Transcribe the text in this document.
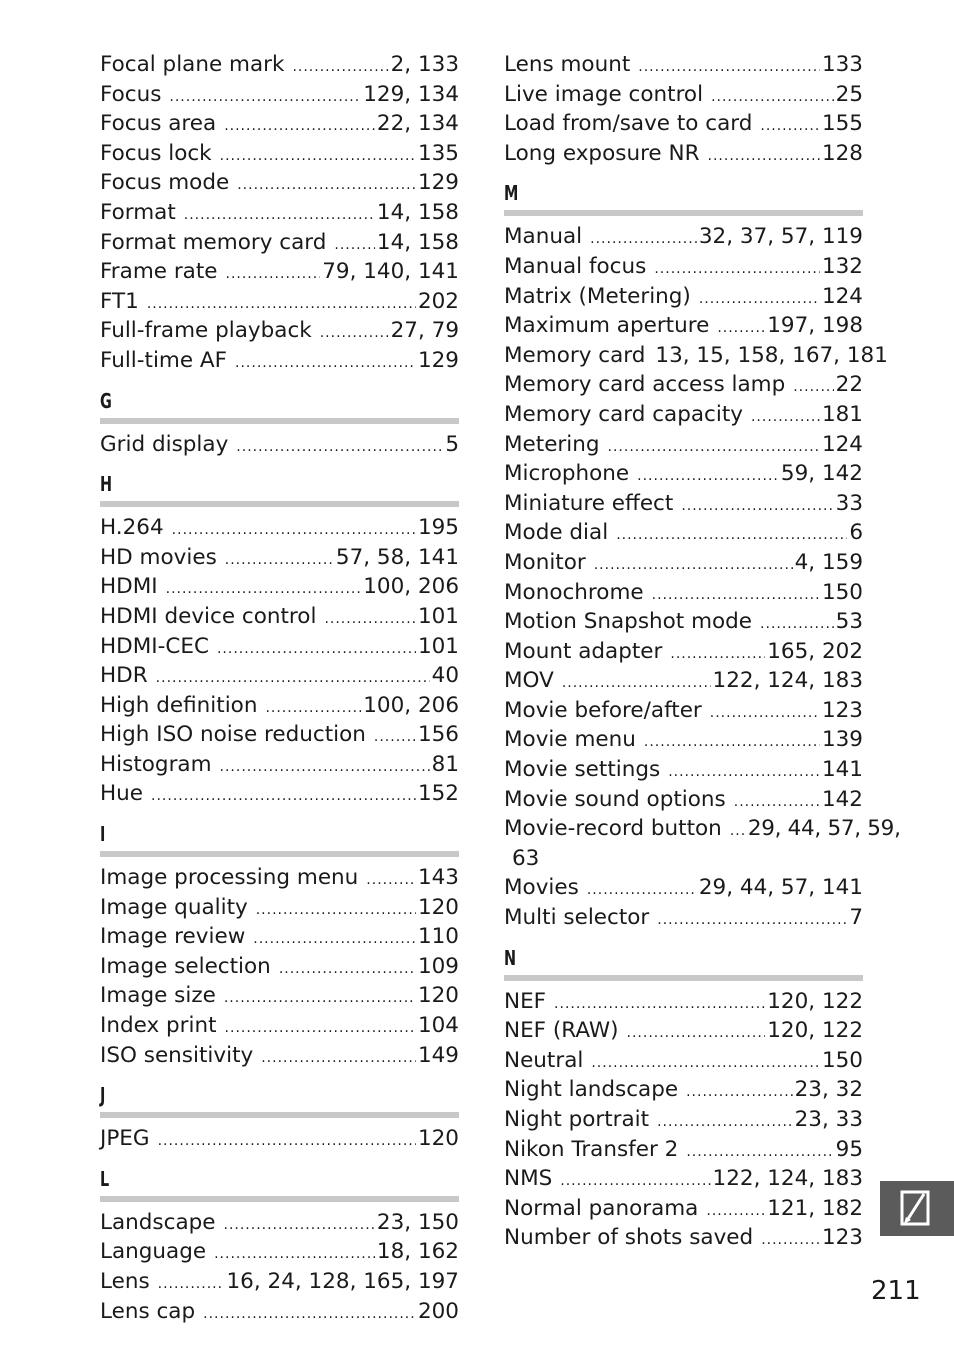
Focal plane mark .....	2, 133
Focus .....	129, 134
Focus area .....	22, 134
Focus lock .....	135
Focus mode .....	129
Format .....	14, 158
Format memory card ..... 14, 158
Frame rate .....	79, 140, 141
FT1 .....	202
Full-frame playback .....	27, 79
Full-time AF .....	129
G
Grid display .....	5
H
H.264 .....	195
HD movies .....	57, 58, 141
HDMI .....	100, 206
HDMI device control .....	101
HDMI-CEC .....	101
HDR .....	40
High definition .....	100, 206
High ISO noise reduction ..... 156
Histogram .....	81
Hue .....	152
I
Image processing menu .....	143
Image quality .....	120
Image review .....	110
Image selection .....	109
Image size .....	120
Index print .....	104
ISO sensitivity .....	149
J
JPEG .....	120
L
Landscape .....	23, 150
Language .....	18, 162
Lens .....	16, 24, 128, 165, 197
Lens cap .....	200
Lens mount .....	133
Live image control .....	25
Load from/save to card .....	155
Long exposure NR .....	128
M
Manual .....	32, 37, 57, 119
Manual focus .....	132
Matrix (Metering) .....	124
Maximum aperture .....	197, 198
Memory card 13, 15, 158, 167, 181
Memory card access lamp ..... 22
Memory card capacity .....	181
Metering .....	124
Microphone .....	59, 142
Miniature effect .....	33
Mode dial .....	6
Monitor .....	4, 159
Monochrome .....	150
Motion Snapshot mode .....	53
Mount adapter .....	165, 202
MOV .....	122, 124, 183
Movie before/after .....	123
Movie menu .....	139
Movie settings .....	141
Movie sound options .....	142
Movie-record button ..... 29, 44, 57, 59,
63
Movies .....	29, 44, 57, 141
Multi selector .....	7
N
NEF .....	120, 122
NEF (RAW) .....	120, 122
Neutral .....	150
Night landscape .....	23, 32
Night portrait .....	23, 33
Nikon Transfer 2 .....	95
NMS .....	122, 124, 183
Normal panorama .....	121, 182
Number of shots saved .....	123
211
